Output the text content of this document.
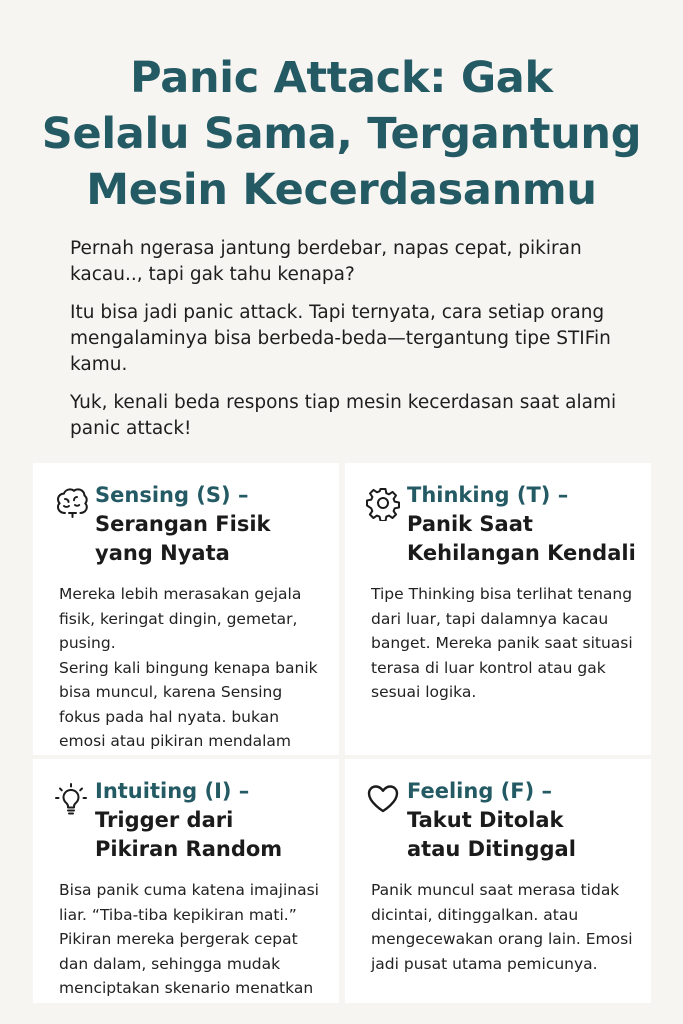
Panic Attack: Gak
Selalu Sama, Tergantung
Mesin Kecerdasanmu

Pernah ngerasa jantung berdebar, napas cepat, pikiran kacau.., tapi gak tahu kenapa?

Itu bisa jadi panic attack. Tapi ternyata, cara setiap orang mengalaminya bisa berbeda-beda—tergantung tipe STIFin kamu.

Yuk, kenali beda respons tiap mesin kecerdasan saat alami panic attack!

Sensing (S) –
Serangan Fisik
yang Nyata

Mereka lebih merasakan gejala fisik, keringat dingin, gemetar, pusing.

Sering kali bingung kenapa banik bisa muncul, karena Sensing fokus pada hal nyata. bukan emosi atau pikiran mendalam

Thinking (T) –
Panik Saat
Kehilangan Kendali

Tipe Thinking bisa terlihat tenang dari luar, tapi dalamnya kacau banget. Mereka panik saat situasi terasa di luar kontrol atau gak sesuai logika.

Intuiting (I) –
Trigger dari
Pikiran Random

Bisa panik cuma katena imajinasi liar. “Tiba-tiba kepikiran mati.” Pikiran mereka þergerak cepat dan dalam, sehingga mudak menciptakan skenario menatkan

Feeling (F) –
Takut Ditolak
atau Ditinggal

Panik muncul saat merasa tidak dicintai, ditinggalkan. atau mengecewakan orang lain. Emosi jadi pusat utama pemicunya.
